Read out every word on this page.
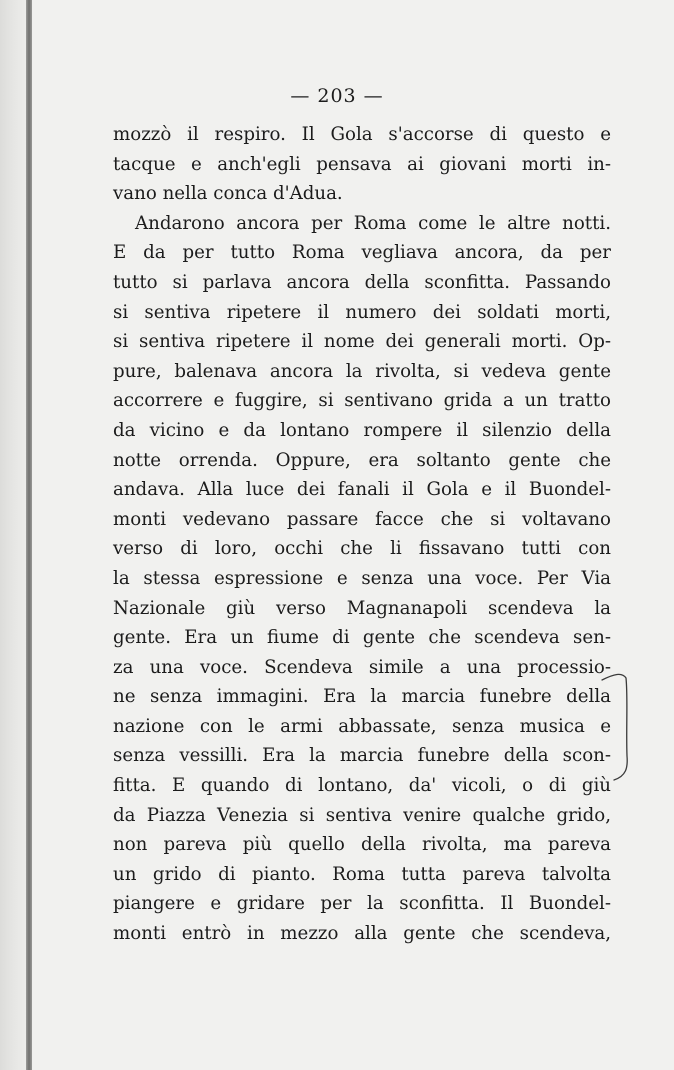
— 203 —
mozzò il respiro. Il Gola s'accorse di questo e
tacque e anch'egli pensava ai giovani morti in-
vano nella conca d'Adua.
Andarono ancora per Roma come le altre notti.
E da per tutto Roma vegliava ancora, da per
tutto si parlava ancora della sconfitta. Passando
si sentiva ripetere il numero dei soldati morti,
si sentiva ripetere il nome dei generali morti. Op-
pure, balenava ancora la rivolta, si vedeva gente
accorrere e fuggire, si sentivano grida a un tratto
da vicino e da lontano rompere il silenzio della
notte orrenda. Oppure, era soltanto gente che
andava. Alla luce dei fanali il Gola e il Buondel-
monti vedevano passare facce che si voltavano
verso di loro, occhi che li fissavano tutti con
la stessa espressione e senza una voce. Per Via
Nazionale giù verso Magnanapoli scendeva la
gente. Era un fiume di gente che scendeva sen-
za una voce. Scendeva simile a una processio-
ne senza immagini. Era la marcia funebre della
nazione con le armi abbassate, senza musica e
senza vessilli. Era la marcia funebre della scon-
fitta. E quando di lontano, da' vicoli, o di giù
da Piazza Venezia si sentiva venire qualche grido,
non pareva più quello della rivolta, ma pareva
un grido di pianto. Roma tutta pareva talvolta
piangere e gridare per la sconfitta. Il Buondel-
monti entrò in mezzo alla gente che scendeva,
